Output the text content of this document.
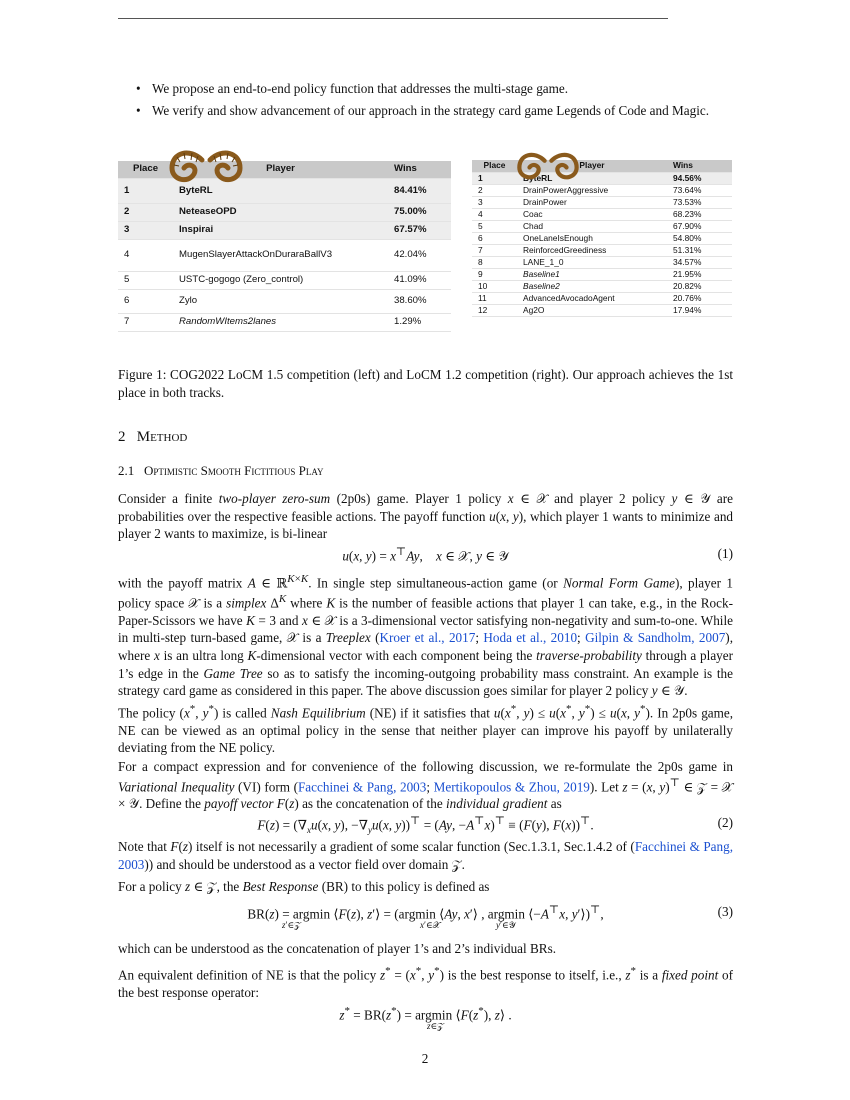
• We propose an end-to-end policy function that addresses the multi-stage game.
• We verify and show advancement of our approach in the strategy card game Legends of Code and Magic.
Place	Player	Wins
1	ByteRL	84.41%
2	NeteaseOPD	75.00%
3	Inspirai	67.57%
4	MugenSlayerAttackOnDuraraBallV3	42.04%
5	USTC-gogogo (Zero_control)	41.09%
6	Zylo	38.60%
7	RandomWItems2lanes	1.29%
Place	Player	Wins
1	ByteRL	94.56%
2	DrainPowerAggressive	73.64%
3	DrainPower	73.53%
4	Coac	68.23%
5	Chad	67.90%
6	OneLaneIsEnough	54.80%
7	ReinforcedGreediness	51.31%
8	LANE_1_0	34.57%
9	Baseline1	21.95%
10	Baseline2	20.82%
11	AdvancedAvocadoAgent	20.76%
12	Ag2O	17.94%

Figure 1: COG2022 LoCM 1.5 competition (left) and LoCM 1.2 competition (right). Our approach achieves the 1st place in both tracks.

2 Method
2.1 Optimistic Smooth Fictitious Play

Consider a finite two-player zero-sum (2p0s) game. Player 1 policy x ∈ 𝒳 and player 2 policy y ∈ 𝒴 are probabilities over the respective feasible actions. The payoff function u(x, y), which player 1 wants to minimize and player 2 wants to maximize, is bi-linear

u(x, y) = x⊤Ay,    x ∈ 𝒳, y ∈ 𝒴	(1)

with the payoff matrix A ∈ ℝ$^{K\times K}$. In single step simultaneous-action game (or Normal Form Game), player 1 policy space 𝒳 is a simplex $\Delta^K$ where K is the number of feasible actions that player 1 can take, e.g., in the Rock-Paper-Scissors we have K = 3 and x ∈ 𝒳 is a 3-dimensional vector satisfying non-negativity and sum-to-one. While in multi-step turn-based game, 𝒳 is a Treeplex (Kroer et al., 2017; Hoda et al., 2010; Gilpin & Sandholm, 2007), where x is an ultra long K-dimensional vector with each component being the traverse-probability through a player 1’s edge in the Game Tree so as to satisfy the incoming-outgoing probability mass constraint. An example is the strategy card game as considered in this paper. The above discussion goes similar for player 2 policy y ∈ 𝒴.

The policy (x*, y*) is called Nash Equilibrium (NE) if it satisfies that u(x*, y) ≤ u(x*, y*) ≤ u(x, y*). In 2p0s game, NE can be viewed as an optimal policy in the sense that neither player can improve his payoff by unilaterally deviating from the NE policy.

For a compact expression and for convenience of the following discussion, we re-formulate the 2p0s game in Variational Inequality (VI) form (Facchinei & Pang, 2003; Mertikopoulos & Zhou, 2019). Let z = (x, y)⊤ ∈ 𝒵 = 𝒳 × 𝒴. Define the payoff vector F(z) as the concatenation of the individual gradient as

$F(z) = (\nabla_xu(x$, y), $-\nabla_yu(x$, y))⊤ = (Ay, −A⊤x)⊤ ≡ (F(y), F(x))⊤.	(2)

Note that F(z) itself is not necessarily a gradient of some scalar function (Sec.1.3.1, Sec.1.4.2 of (Facchinei & Pang, 2003)) and should be understood as a vector field over domain 𝒵.

For a policy z ∈ 𝒵, the Best Response (BR) to this policy is defined as

BR(z) = argmin ⟨F(z), z′⟩ = (argmin ⟨Ay, x′⟩ , argmin ⟨−A⊤x, y′⟩)⊤,	(3)
z′∈𝒵	x′∈𝒳	y′∈𝒴

which can be understood as the concatenation of player 1’s and 2’s individual BRs.

An equivalent definition of NE is that the policy z* = (x*, y*) is the best response to itself, i.e., z* is a fixed point of the best response operator:

z* = BR(z*) = argmin ⟨F(z*), z⟩ .
z∈𝒵
2
